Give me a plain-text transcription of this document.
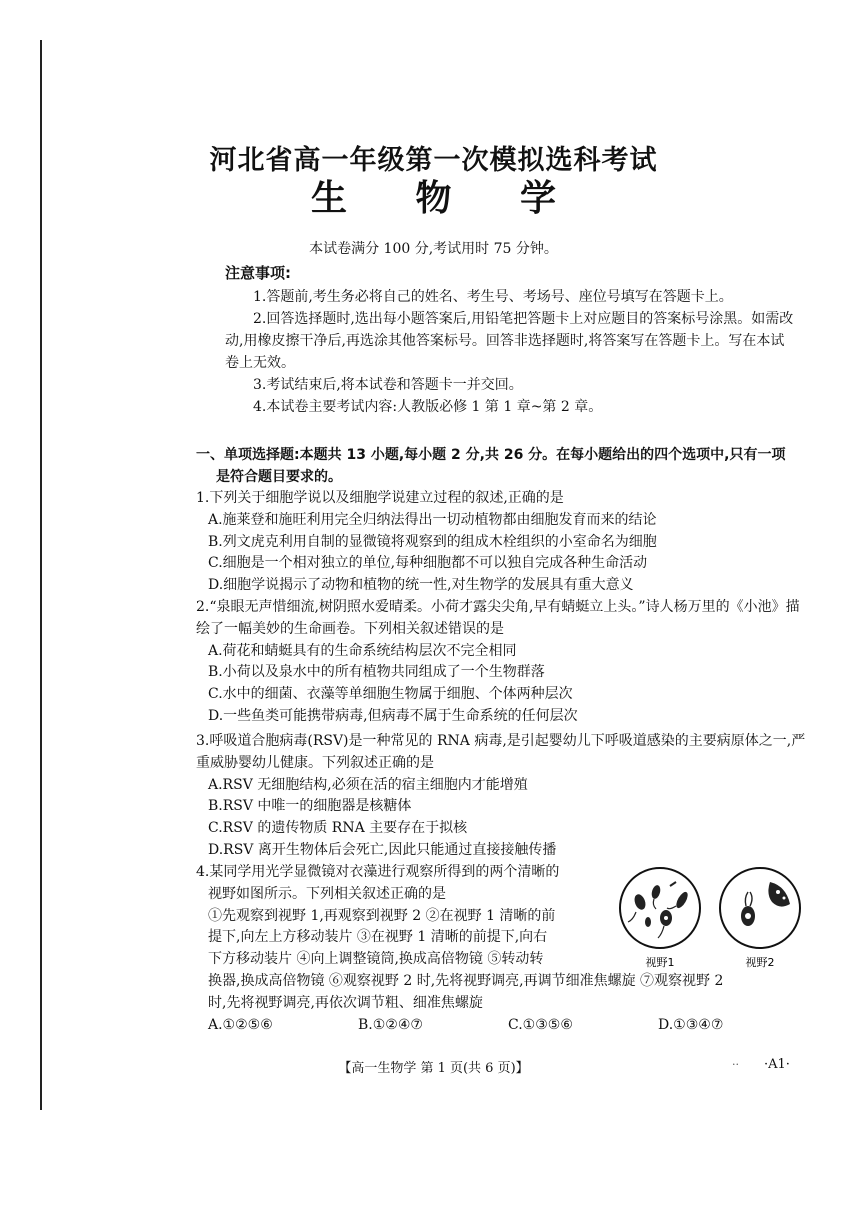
河北省高一年级第一次模拟选科考试
生 物 学
本试卷满分 100 分,考试用时 75 分钟。
注意事项:

1.答题前,考生务必将自己的姓名、考生号、考场号、座位号填写在答题卡上。

2.回答选择题时,选出每小题答案后,用铅笔把答题卡上对应题目的答案标号涂黑。如需改动,用橡皮擦干净后,再选涂其他答案标号。回答非选择题时,将答案写在答题卡上。写在本试卷上无效。

3.考试结束后,将本试卷和答题卡一并交回。

4.本试卷主要考试内容:人教版必修 1 第 1 章~第 2 章。

一、单项选择题:本题共 13 小题,每小题 2 分,共 26 分。在每小题给出的四个选项中,只有一项
是符合题目要求的。

1.下列关于细胞学说以及细胞学说建立过程的叙述,正确的是

A.施莱登和施旺利用完全归纳法得出一切动植物都由细胞发育而来的结论

B.列文虎克利用自制的显微镜将观察到的组成木栓组织的小室命名为细胞

C.细胞是一个相对独立的单位,每种细胞都不可以独自完成各种生命活动

D.细胞学说揭示了动物和植物的统一性,对生物学的发展具有重大意义

2.“泉眼无声惜细流,树阴照水爱晴柔。小荷才露尖尖角,早有蜻蜓立上头。”诗人杨万里的《小池》描绘了一幅美妙的生命画卷。下列相关叙述错误的是

A.荷花和蜻蜓具有的生命系统结构层次不完全相同

B.小荷以及泉水中的所有植物共同组成了一个生物群落

C.水中的细菌、衣藻等单细胞生物属于细胞、个体两种层次

D.一些鱼类可能携带病毒,但病毒不属于生命系统的任何层次

3.呼吸道合胞病毒(RSV)是一种常见的 RNA 病毒,是引起婴幼儿下呼吸道感染的主要病原体之一,严重威胁婴幼儿健康。下列叙述正确的是

A.RSV 无细胞结构,必须在活的宿主细胞内才能增殖

B.RSV 中唯一的细胞器是核糖体

C.RSV 的遗传物质 RNA 主要存在于拟核

D.RSV 离开生物体后会死亡,因此只能通过直接接触传播

4.某同学用光学显微镜对衣藻进行观察所得到的两个清晰的

视野如图所示。下列相关叙述正确的是

①先观察到视野 1,再观察到视野 2 ②在视野 1 清晰的前

提下,向左上方移动装片 ③在视野 1 清晰的前提下,向右

下方移动装片 ④向上调整镜筒,换成高倍物镜 ⑤转动转

换器,换成高倍物镜 ⑥观察视野 2 时,先将视野调亮,再调节细准焦螺旋 ⑦观察视野 2

时,先将视野调亮,再依次调节粗、细准焦螺旋

A.①②⑤⑥	B.①②④⑦	C.①③⑤⑥	D.①③④⑦
视野1	视野2
【高一生物学 第 1 页(共 6 页)】	.. ·A1·
